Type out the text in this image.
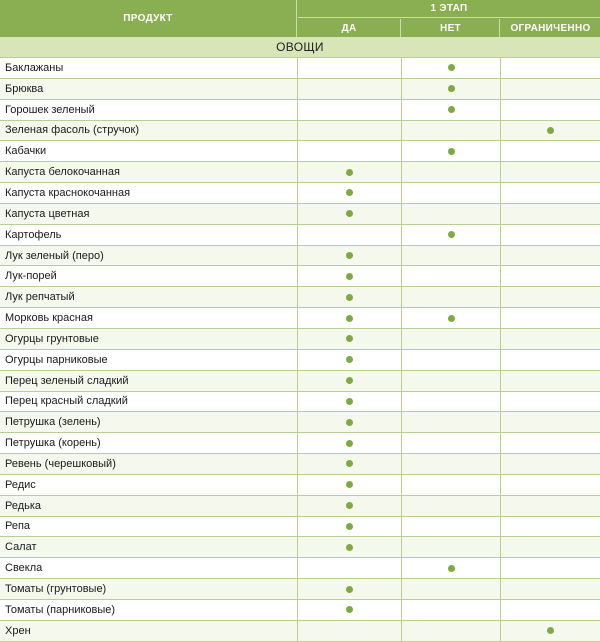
ПРОДУКТ
1 ЭТАП
ДА	НЕТ	ОГРАНИЧЕННО
ОВОЩИ
Баклажаны
Брюква
Горошек зеленый
Зеленая фасоль (стручок)
Кабачки
Капуста белокочанная
Капуста краснокочанная
Капуста цветная
Картофель
Лук зеленый (перо)
Лук-порей
Лук репчатый
Морковь красная
Огурцы грунтовые
Огурцы парниковые
Перец зеленый сладкий
Перец красный сладкий
Петрушка (зелень)
Петрушка (корень)
Ревень (черешковый)
Редис
Редька
Репа
Салат
Свекла
Томаты (грунтовые)
Томаты (парниковые)
Хрен
